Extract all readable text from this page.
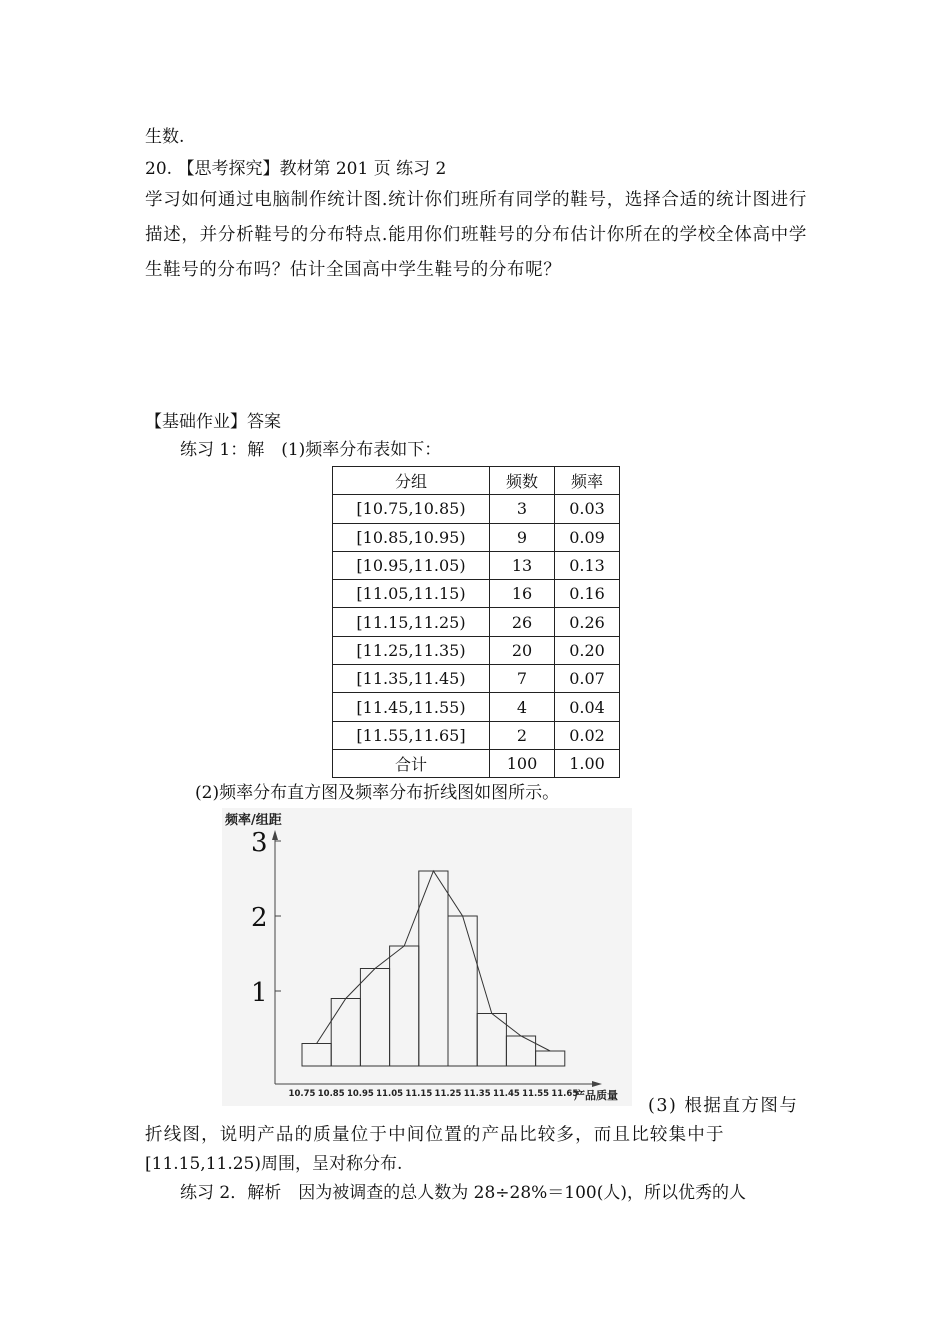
生数.
20. 【思考探究】教材第 201 页 练习 2
学习如何通过电脑制作统计图.统计你们班所有同学的鞋号，选择合适的统计图进行描述，并分析鞋号的分布特点.能用你们班鞋号的分布估计你所在的学校全体高中学生鞋号的分布吗？估计全国高中学生鞋号的分布呢？
【基础作业】答案
练习 1：解　(1)频率分布表如下：
分组	频数	频率
[10.75,10.85)	3	0.03
[10.85,10.95)	9	0.09
[10.95,11.05)	13	0.13
[11.05,11.15)	16	0.16
[11.15,11.25)	26	0.26
[11.25,11.35)	20	0.20
[11.35,11.45)	7	0.07
[11.45,11.55)	4	0.04
[11.55,11.65]	2	0.02
合计	100	1.00
(2)频率分布直方图及频率分布折线图如图所示。
频率/组距
产品质量
1
2
3
10.75 10.85 10.95 11.05 11.15 11.25 11.35 11.45 11.55 11.65
(3) 根据直方图与
折线图，说明产品的质量位于中间位置的产品比较多，而且比较集中于
[11.15,11.25)周围，呈对称分布.
练习 2．解析　因为被调查的总人数为 28÷28%＝100(人)，所以优秀的人
